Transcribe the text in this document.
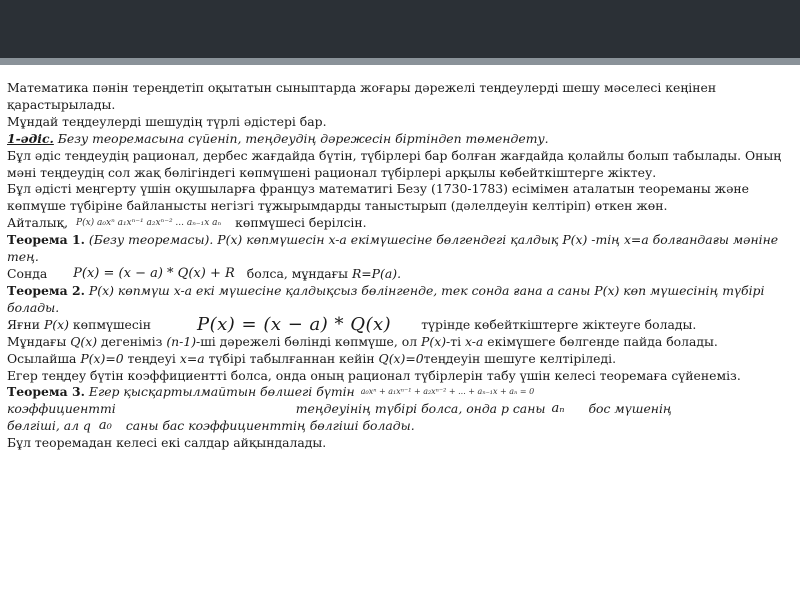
Математика пәнін тереңдетіп оқытатын сыныптарда жоғары дәрежелі теңдеулерді шешу мәселесі кеңінен қарастырылады.

Мұндай теңдеулерді шешудің түрлі әдістері бар.

1-әдіс. Безу теоремасына сүйеніп, теңдеудің дәрежесін біртіндеп төмендету.

Бұл әдіс теңдеудің рационал, дербес жағдайда бүтін, түбірлері бар болған жағдайда қолайлы болып табылады. Оның мәні теңдеудің сол жақ бөлігіндегі көпмүшені рационал түбірлері арқылы көбейткіштерге жіктеу.

Бұл әдісті меңгерту үшін оқушыларға француз математигі Безу (1730-1783) есімімен аталатын теореманы және көпмүше түбіріне байланысты негізгі тұжырымдарды таныстырып (дәлелдеуін келтіріп) өткен жөн.

Айталық, P(x) a₀xⁿ a₁xⁿ⁻¹ a₂xⁿ⁻² ... aₙ₋₁x aₙ көпмүшесі берілсін.

Теорема 1. (Безу теоремасы). P(x) көпмүшесін x-a екімүшесіне бөлгендегі қалдық P(x) -тің x=a болғандағы мәніне тең.

Сонда P(x) = (x − a) * Q(x) + R болса, мұндағы R=P(a).

Теорема 2. P(x) көпмүш x-a екі мүшесіне қалдықсыз бөлінгенде, тек сонда ғана a саны P(x) көп мүшесінің түбірі болады.

Яғни P(x) көпмүшесін	P(x) = (x − a) * Q(x) түрінде көбейткіштерге жіктеуге болады.

Мұндағы Q(x) дегеніміз (n-1)-ші дәрежелі бөлінді көпмүше, ол P(x)-ті x-a екімүшеге бөлгенде пайда болады.

Осылайша P(x)=0 теңдеуі x=a түбірі табылғаннан кейін Q(x)=0теңдеуін шешуге келтіріледі.

Егер теңдеу бүтін коэффициентті болса, онда оның рационал түбірлерін табу үшін келесі теоремаға сүйенеміз.

Теорема 3. Егер қысқартылмайтын бөлшегі бүтін a₀xⁿ + a₁xⁿ⁻¹ + a₂xⁿ⁻² + ... + aₙ₋₁x + aₙ = 0
коэффициентті	теңдеуінің түбірі болса, онда p саны aₙ бос мүшенің
бөлгіші, ал q a₀ саны бас коэффициенттің бөлгіші болады.

Бұл теоремадан келесі екі салдар айқындалады.
